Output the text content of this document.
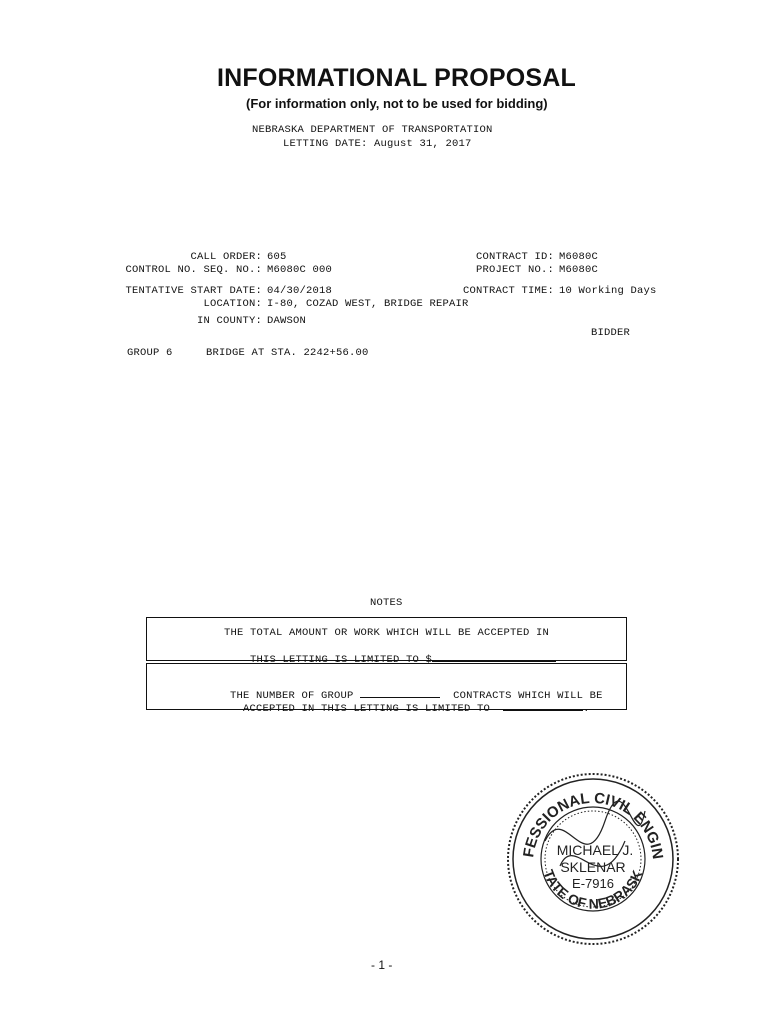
INFORMATIONAL PROPOSAL
(For information only, not to be used for bidding)
NEBRASKA DEPARTMENT OF TRANSPORTATION
LETTING DATE: August 31, 2017
CALL ORDER: 605
CONTROL NO. SEQ. NO.: M6080C 000
TENTATIVE START DATE: 04/30/2018
LOCATION: I-80, COZAD WEST, BRIDGE REPAIR
IN COUNTY: DAWSON
CONTRACT ID: M6080C
PROJECT NO.: M6080C
CONTRACT TIME: 10 Working Days
BIDDER
GROUP 6	BRIDGE AT STA. 2242+56.00
NOTES
THE TOTAL AMOUNT OR WORK WHICH WILL BE ACCEPTED IN

THIS LETTING IS LIMITED TO $

THE NUMBER OF GROUP	CONTRACTS WHICH WILL BE

ACCEPTED IN THIS LETTING IS LIMITED TO	.

FESSIONAL CIVIL ENGIN
TATE OF NEBRASK
MICHAEL J.
SKLENAR
E-7916

- 1 -
